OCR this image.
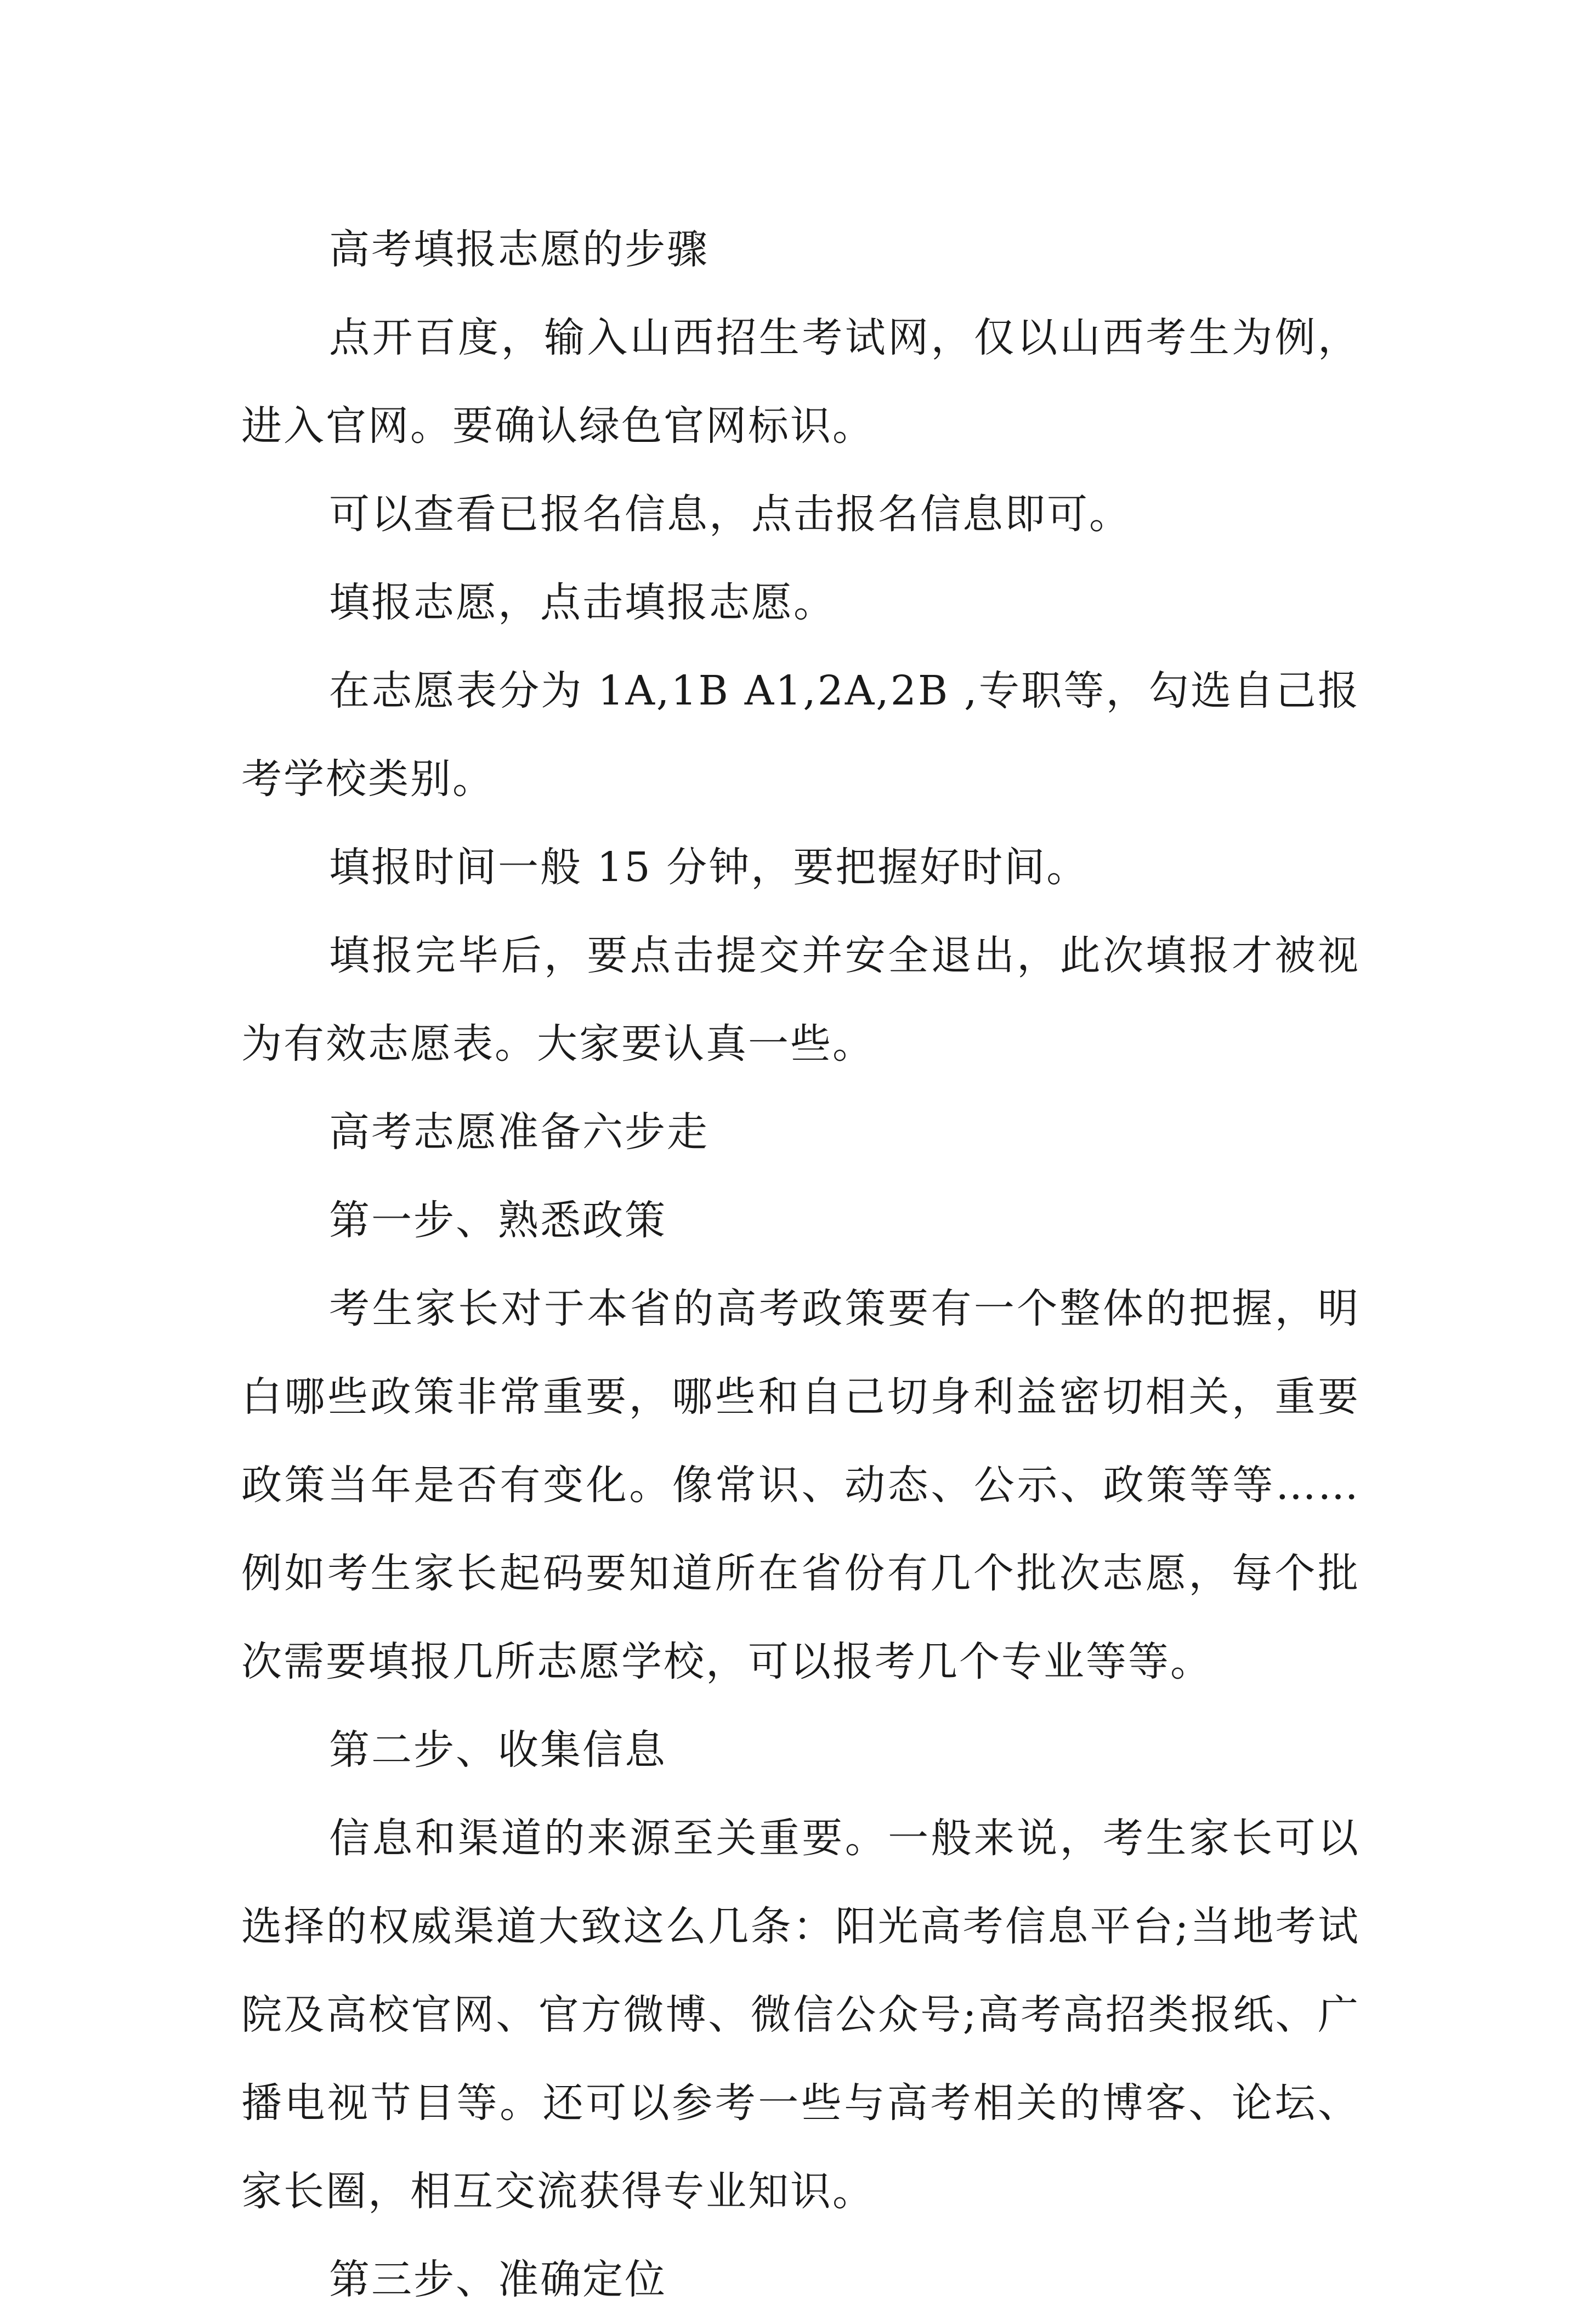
高考填报志愿的步骤

点开百度，输入山西招生考试网，仅以山西考生为例，进入官网。要确认绿色官网标识。

可以查看已报名信息，点击报名信息即可。

填报志愿，点击填报志愿。

在志愿表分为 1A,1B A1,2A,2B ,专职等，勾选自己报考学校类别。

填报时间一般 15 分钟，要把握好时间。

填报完毕后，要点击提交并安全退出，此次填报才被视为有效志愿表。大家要认真一些。

高考志愿准备六步走

第一步、熟悉政策

考生家长对于本省的高考政策要有一个整体的把握，明白哪些政策非常重要，哪些和自己切身利益密切相关，重要政策当年是否有变化。像常识、动态、公示、政策等等……例如考生家长起码要知道所在省份有几个批次志愿，每个批次需要填报几所志愿学校，可以报考几个专业等等。

第二步、收集信息

信息和渠道的来源至关重要。一般来说，考生家长可以选择的权威渠道大致这么几条：阳光高考信息平台;当地考试院及高校官网、官方微博、微信公众号;高考高招类报纸、广播电视节目等。还可以参考一些与高考相关的博客、论坛、家长圈，相互交流获得专业知识。

第三步、准确定位
